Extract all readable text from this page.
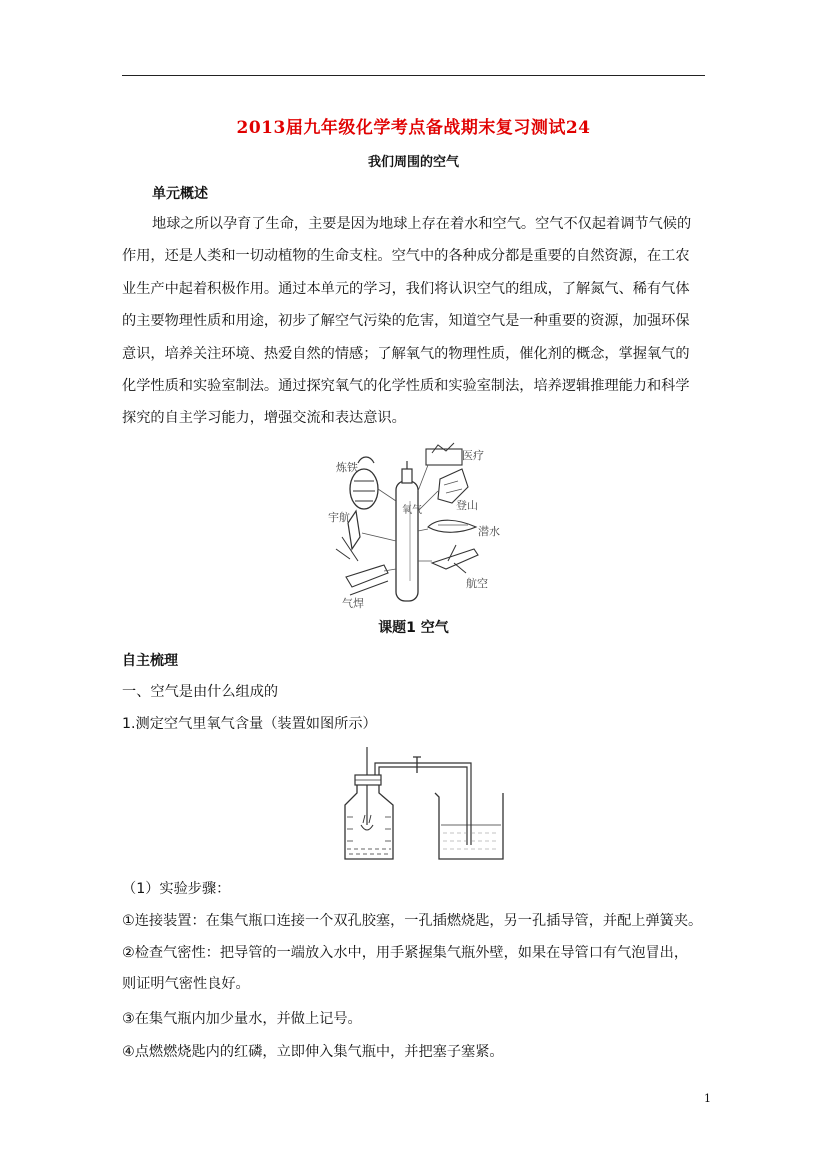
2013届九年级化学考点备战期末复习测试24
我们周围的空气
单元概述
地球之所以孕育了生命，主要是因为地球上存在着水和空气。空气不仅起着调节气候的
作用，还是人类和一切动植物的生命支柱。空气中的各种成分都是重要的自然资源，在工农
业生产中起着积极作用。通过本单元的学习，我们将认识空气的组成，了解氮气、稀有气体
的主要物理性质和用途，初步了解空气污染的危害，知道空气是一种重要的资源，加强环保
意识，培养关注环境、热爱自然的情感；了解氧气的物理性质，催化剂的概念，掌握氧气的
化学性质和实验室制法。通过探究氧气的化学性质和实验室制法，培养逻辑推理能力和科学
探究的自主学习能力，增强交流和表达意识。
氧气
炼铁
医疗
宇航
登山
潜水
航空
气焊
课题1 空气
自主梳理
一、空气是由什么组成的
1.测定空气里氧气含量（装置如图所示）
（1）实验步骤：
①连接装置：在集气瓶口连接一个双孔胶塞，一孔插燃烧匙，另一孔插导管，并配上弹簧夹。
②检查气密性：把导管的一端放入水中，用手紧握集气瓶外壁，如果在导管口有气泡冒出，
则证明气密性良好。
③在集气瓶内加少量水，并做上记号。
④点燃燃烧匙内的红磷，立即伸入集气瓶中，并把塞子塞紧。
1
